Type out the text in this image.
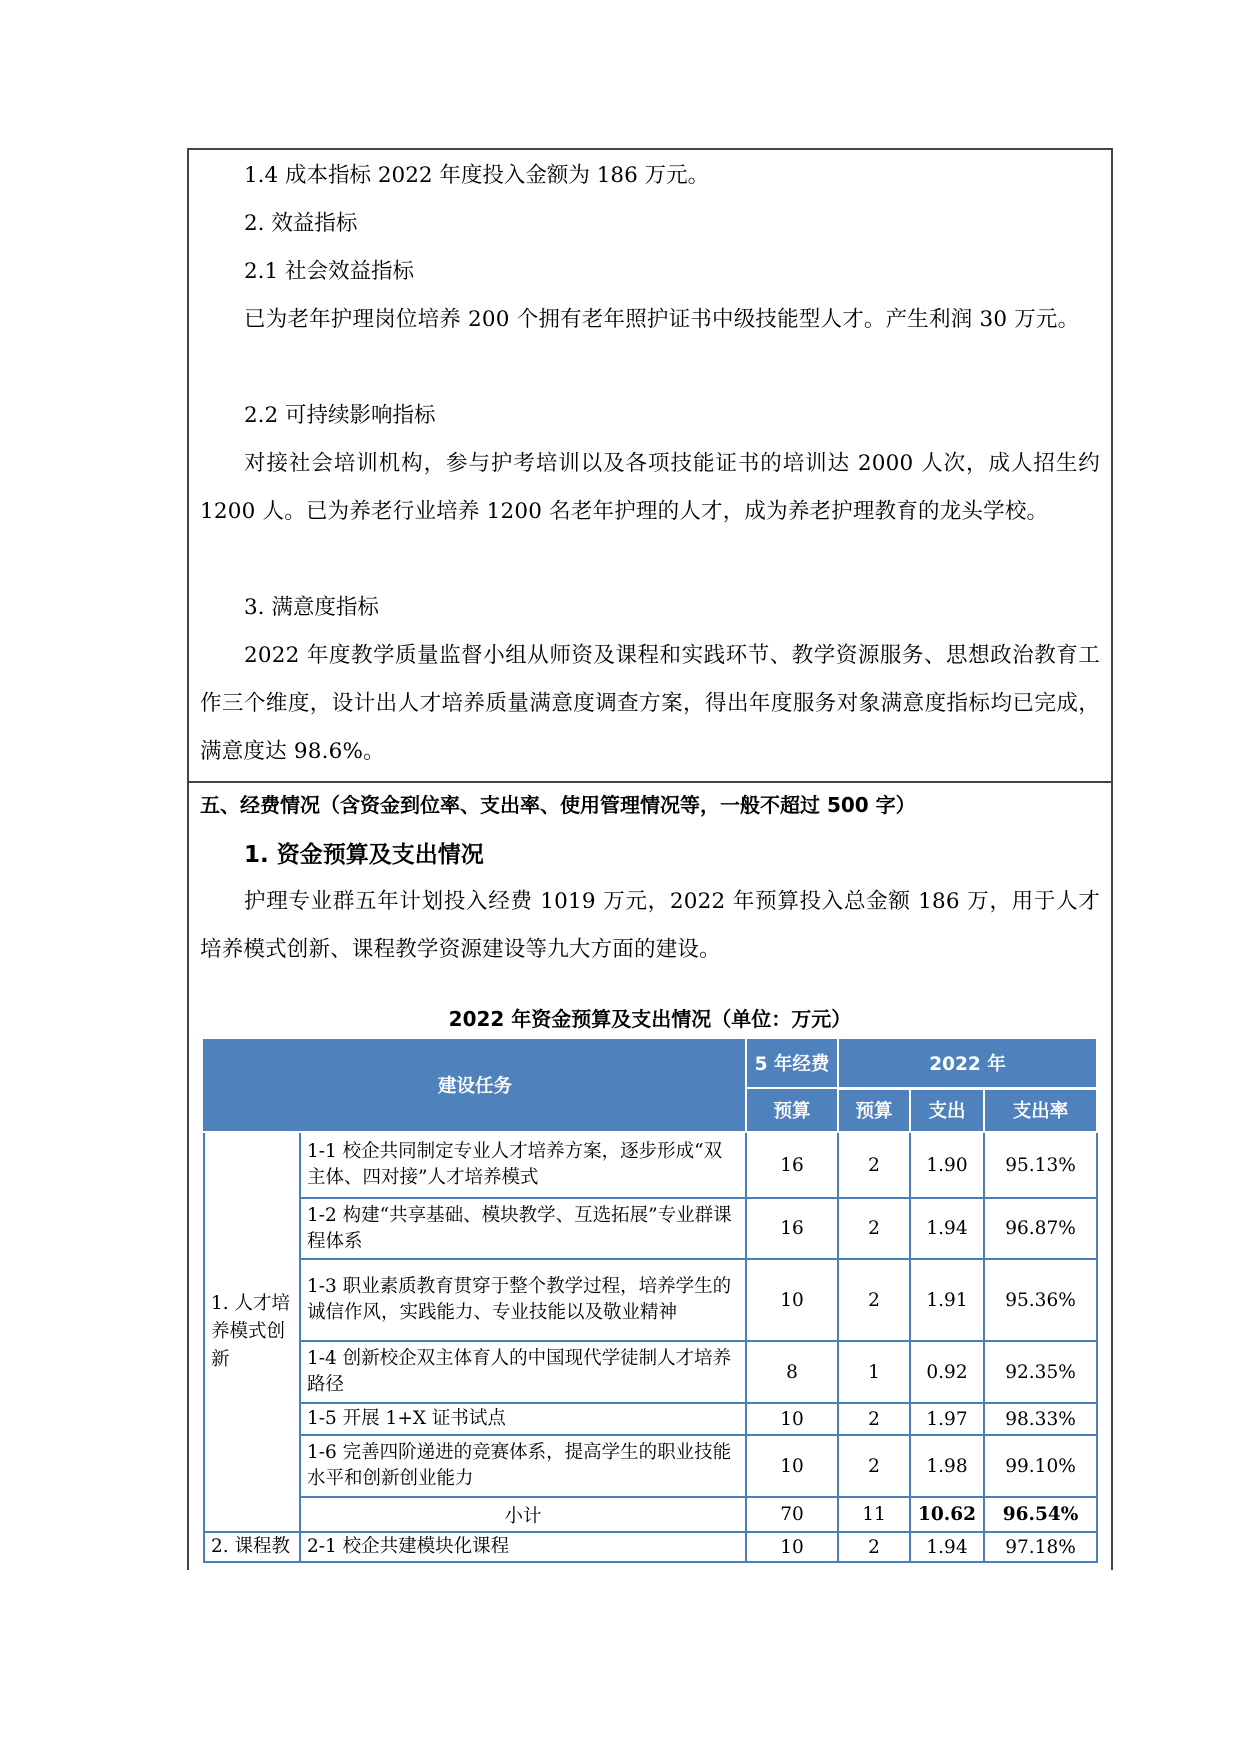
1.4 成本指标 2022 年度投入金额为 186 万元。

2. 效益指标

2.1 社会效益指标

已为老年护理岗位培养 200 个拥有老年照护证书中级技能型人才。产生利润 30 万元。

2.2 可持续影响指标

对接社会培训机构，参与护考培训以及各项技能证书的培训达 2000 人次，成人招生约 1200 人。已为养老行业培养 1200 名老年护理的人才，成为养老护理教育的龙头学校。

3. 满意度指标

2022 年度教学质量监督小组从师资及课程和实践环节、教学资源服务、思想政治教育工作三个维度，设计出人才培养质量满意度调查方案，得出年度服务对象满意度指标均已完成，满意度达 98.6%。

五、经费情况（含资金到位率、支出率、使用管理情况等，一般不超过 500 字）
1. 资金预算及支出情况

护理专业群五年计划投入经费 1019 万元，2022 年预算投入总金额 186 万，用于人才培养模式创新、课程教学资源建设等九大方面的建设。

2022 年资金预算及支出情况（单位：万元）
建设任务		5 年经费	2022 年		
		预算	预算	支出	支出率
1. 人才培养模式创新	1-1 校企共同制定专业人才培养方案，逐步形成“双主体、四对接”人才培养模式	16	2	1.90	95.13%
	1-2 构建“共享基础、模块教学、互选拓展”专业群课程体系	16	2	1.94	96.87%
	1-3 职业素质教育贯穿于整个教学过程，培养学生的诚信作风，实践能力、专业技能以及敬业精神	10	2	1.91	95.36%
	1-4 创新校企双主体育人的中国现代学徒制人才培养路径	8	1	0.92	92.35%
	1-5 开展 1+X 证书试点	10	2	1.97	98.33%
	1-6 完善四阶递进的竞赛体系，提高学生的职业技能水平和创新创业能力	10	2	1.98	99.10%
	小计	70	11	10.62	96.54%
2. 课程教	2-1 校企共建模块化课程	10	2	1.94	97.18%
